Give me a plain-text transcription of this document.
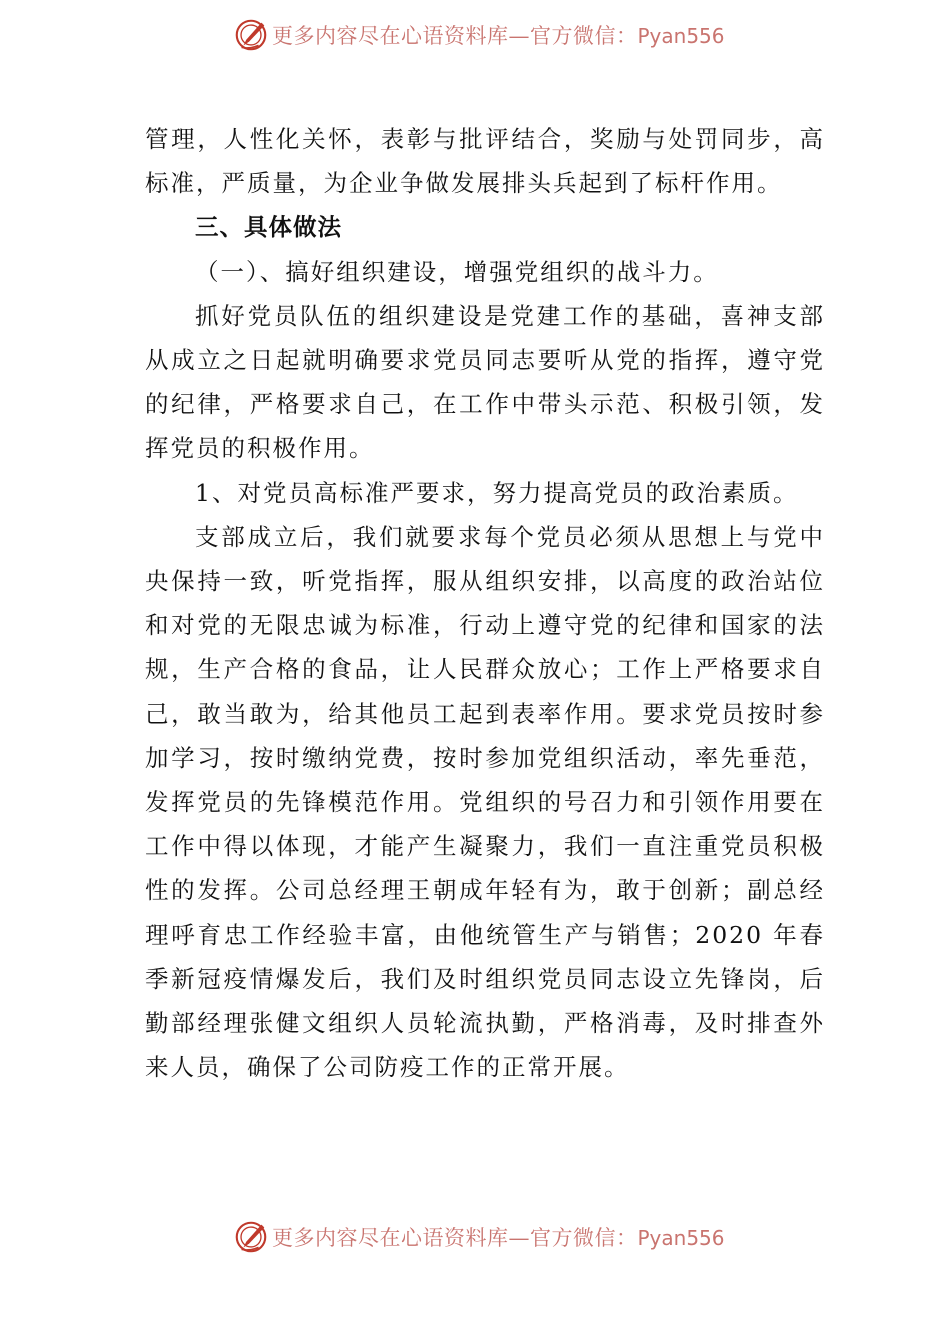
更多内容尽在心语资料库—官方微信：Pyan556

管理，人性化关怀，表彰与批评结合，奖励与处罚同步，高标准，严质量，为企业争做发展排头兵起到了标杆作用。

三、具体做法

（一）、搞好组织建设，增强党组织的战斗力。

抓好党员队伍的组织建设是党建工作的基础，喜神支部从成立之日起就明确要求党员同志要听从党的指挥，遵守党的纪律，严格要求自己，在工作中带头示范、积极引领，发挥党员的积极作用。

1、对党员高标准严要求，努力提高党员的政治素质。

支部成立后，我们就要求每个党员必须从思想上与党中央保持一致，听党指挥，服从组织安排，以高度的政治站位和对党的无限忠诚为标准，行动上遵守党的纪律和国家的法规，生产合格的食品，让人民群众放心；工作上严格要求自己，敢当敢为，给其他员工起到表率作用。要求党员按时参加学习，按时缴纳党费，按时参加党组织活动，率先垂范，发挥党员的先锋模范作用。党组织的号召力和引领作用要在工作中得以体现，才能产生凝聚力，我们一直注重党员积极性的发挥。公司总经理王朝成年轻有为，敢于创新；副总经理呼育忠工作经验丰富，由他统管生产与销售；2020 年春季新冠疫情爆发后，我们及时组织党员同志设立先锋岗，后勤部经理张健文组织人员轮流执勤，严格消毒，及时排查外来人员，确保了公司防疫工作的正常开展。

更多内容尽在心语资料库—官方微信：Pyan556
